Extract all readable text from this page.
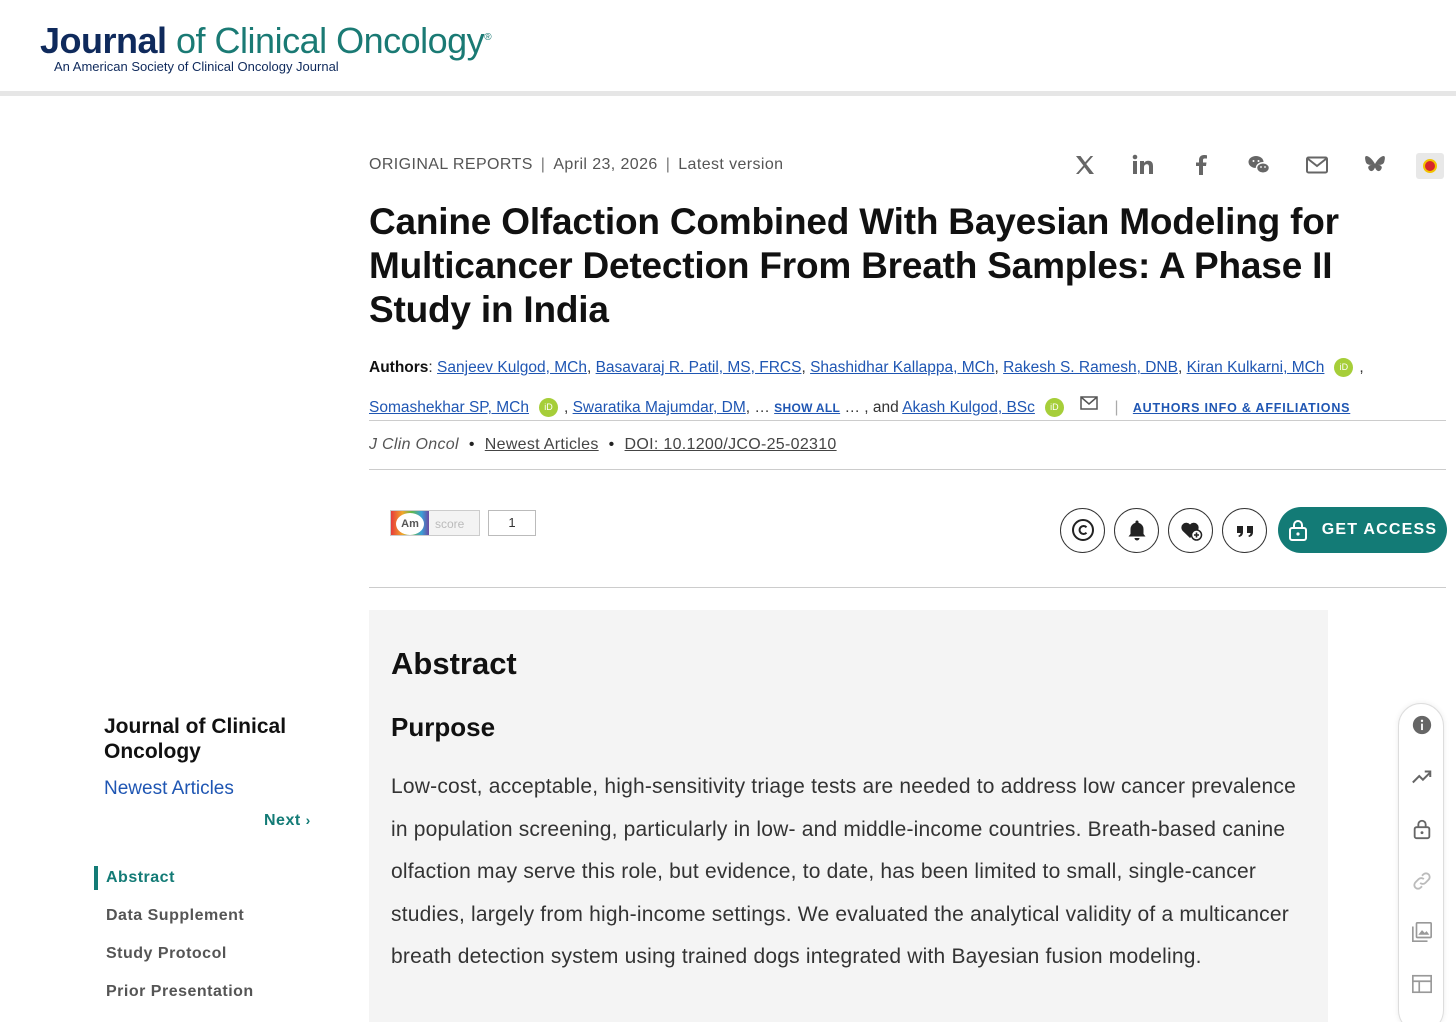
Journal of Clinical Oncology®
An American Society of Clinical Oncology Journal
ORIGINAL REPORTS | April 23, 2026 | Latest version
Canine Olfaction Combined With Bayesian Modeling for Multicancer Detection From Breath Samples: A Phase II Study in India
Authors: Sanjeev Kulgod, MCh, Basavaraj R. Patil, MS, FRCS, Shashidhar Kallappa, MCh, Rakesh S. Ramesh, DNB, Kiran Kulkarni, MCh iD ,
Somashekhar SP, MCh iD , Swaratika Majumdar, DM, … SHOW ALL … , and Akash Kulgod, BSc iD	| AUTHORS INFO & AFFILIATIONS
J Clin Oncol • Newest Articles • DOI: 10.1200/JCO-25-02310
Am	score	1	GET ACCESS
Abstract
Purpose

Low-cost, acceptable, high-sensitivity triage tests are needed to address low cancer prevalence in population screening, particularly in low- and middle-income countries. Breath-based canine olfaction may serve this role, but evidence, to date, has been limited to small, single-cancer studies, largely from high-income settings. We evaluated the analytical validity of a multicancer breath detection system using trained dogs integrated with Bayesian fusion modeling.

Journal of Clinical Oncology
Newest Articles
Next ›
Abstract
Data Supplement
Study Protocol
Prior Presentation
